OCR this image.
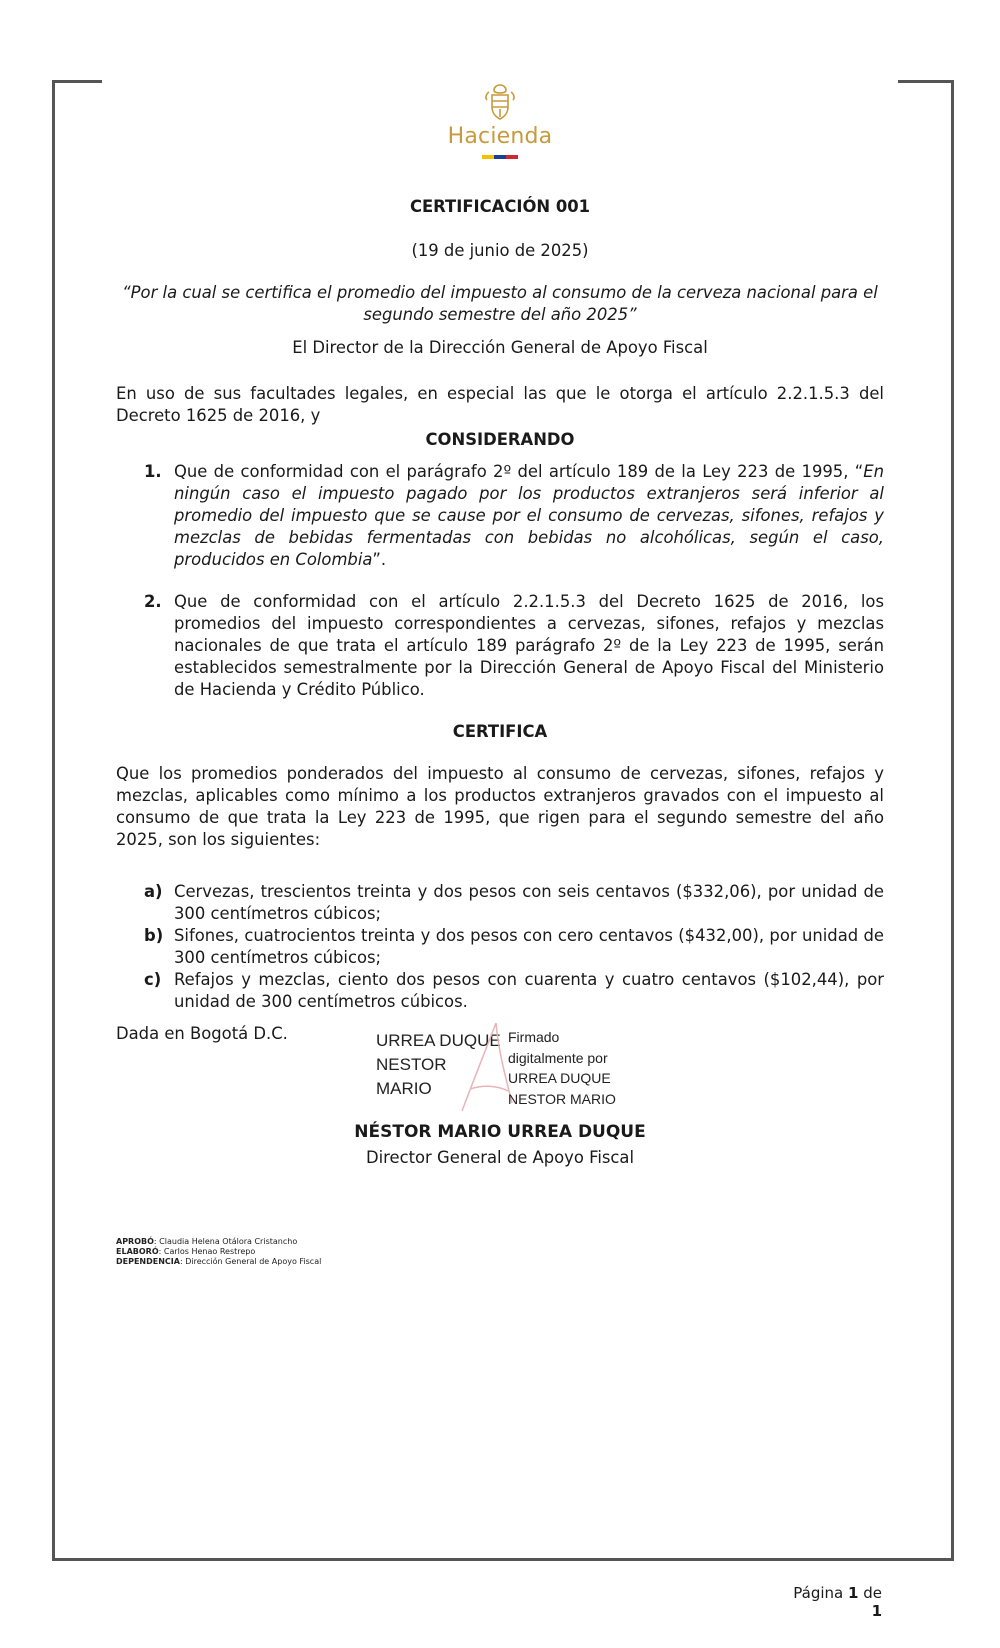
Hacienda
CERTIFICACIÓN 001
(19 de junio de 2025)
“Por la cual se certifica el promedio del impuesto al consumo de la cerveza nacional para el segundo semestre del año 2025”
El Director de la Dirección General de Apoyo Fiscal
En uso de sus facultades legales, en especial las que le otorga el artículo 2.2.1.5.3 del Decreto 1625 de 2016, y
CONSIDERANDO
1. Que de conformidad con el parágrafo 2º del artículo 189 de la Ley 223 de 1995, “En ningún caso el impuesto pagado por los productos extranjeros será inferior al promedio del impuesto que se cause por el consumo de cervezas, sifones, refajos y mezclas de bebidas fermentadas con bebidas no alcohólicas, según el caso, producidos en Colombia”.
2. Que de conformidad con el artículo 2.2.1.5.3 del Decreto 1625 de 2016, los promedios del impuesto correspondientes a cervezas, sifones, refajos y mezclas nacionales de que trata el artículo 189 parágrafo 2º de la Ley 223 de 1995, serán establecidos semestralmente por la Dirección General de Apoyo Fiscal del Ministerio de Hacienda y Crédito Público.
CERTIFICA
Que los promedios ponderados del impuesto al consumo de cervezas, sifones, refajos y mezclas, aplicables como mínimo a los productos extranjeros gravados con el impuesto al consumo de que trata la Ley 223 de 1995, que rigen para el segundo semestre del año 2025, son los siguientes:
a) Cervezas, trescientos treinta y dos pesos con seis centavos ($332,06), por unidad de 300 centímetros cúbicos;
b) Sifones, cuatrocientos treinta y dos pesos con cero centavos ($432,00), por unidad de 300 centímetros cúbicos;
c) Refajos y mezclas, ciento dos pesos con cuarenta y cuatro centavos ($102,44), por unidad de 300 centímetros cúbicos.
Dada en Bogotá D.C.	URREA DUQUE
NESTOR
MARIO
Firmado
digitalmente por
URREA DUQUE
NESTOR MARIO
NÉSTOR MARIO URREA DUQUE
Director General de Apoyo Fiscal
APROBÓ: Claudia Helena Otálora Cristancho
ELABORÓ: Carlos Henao Restrepo
DEPENDENCIA: Dirección General de Apoyo Fiscal
Página 1 de 1
